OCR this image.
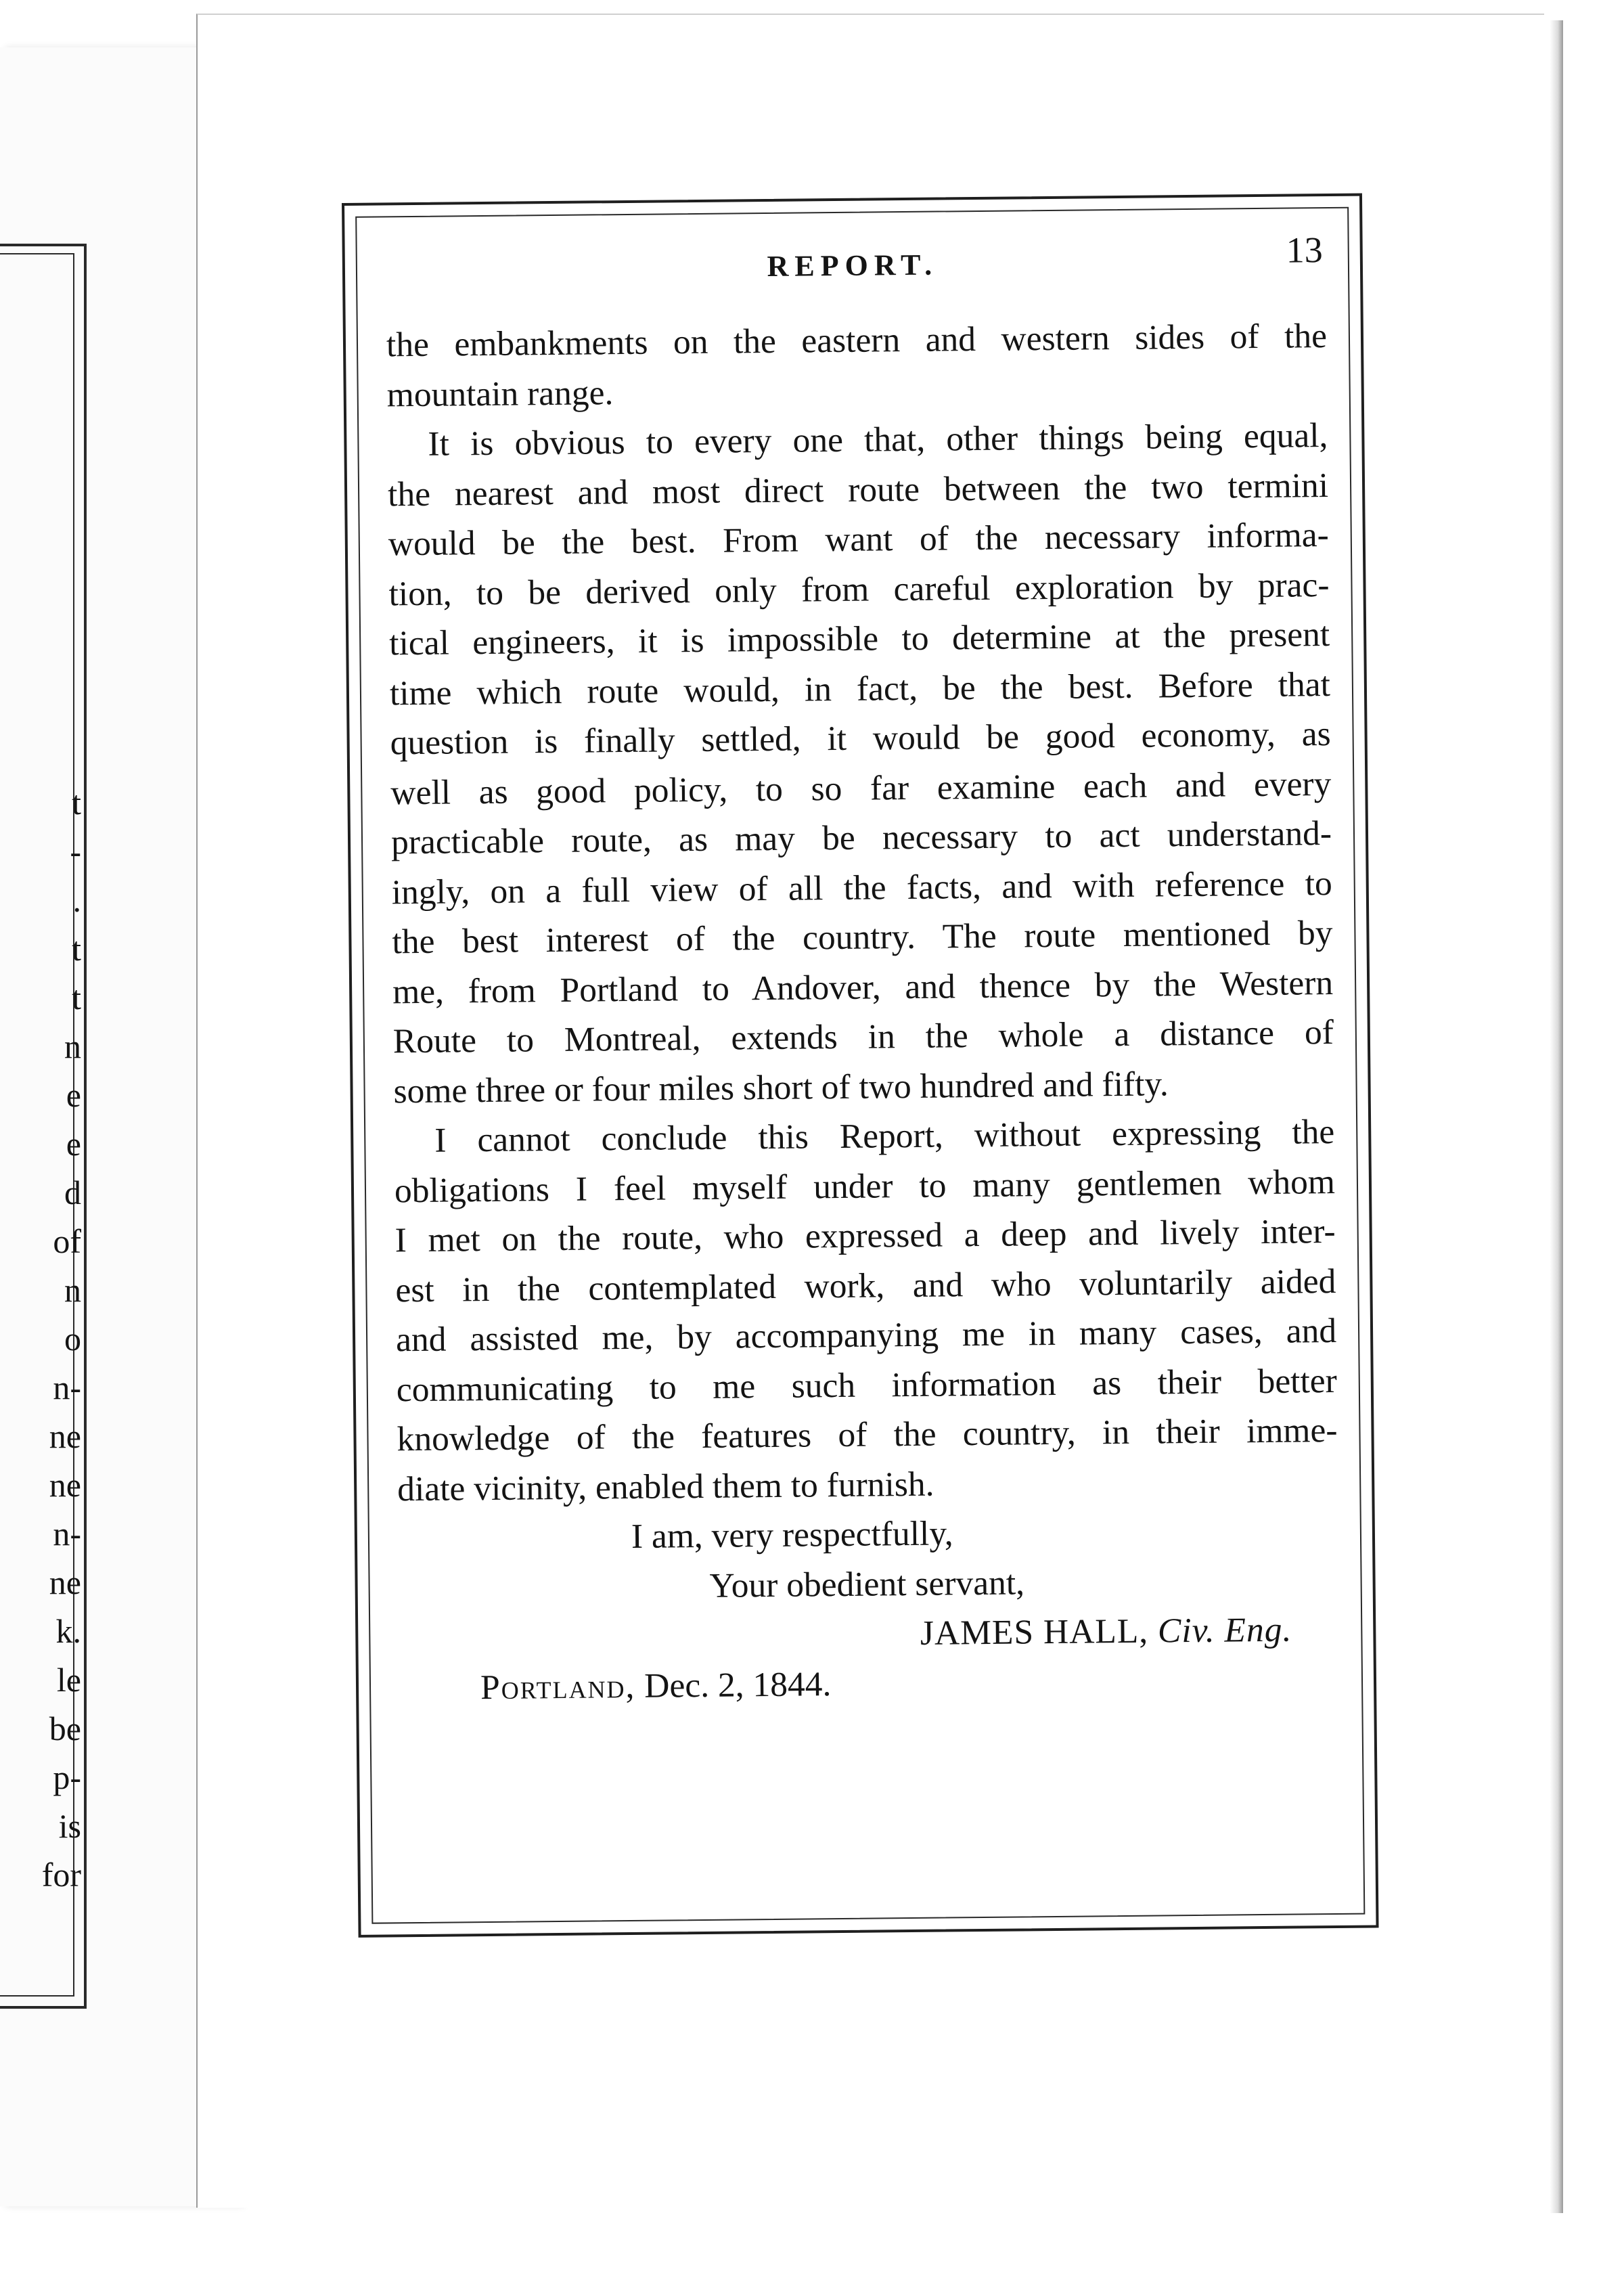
t
-
.
t
t
n
e
e
d
of
n
o
n-
ne
ne
n-
ne
k.
le
be
p-
is
for
REPORT.	13
the embankments on the eastern and western sides of the
mountain range.
It is obvious to every one that, other things being equal,
the nearest and most direct route between the two termini
would be the best. From want of the necessary informa-
tion, to be derived only from careful exploration by prac-
tical engineers, it is impossible to determine at the present
time which route would, in fact, be the best. Before that
question is finally settled, it would be good economy, as
well as good policy, to so far examine each and every
practicable route, as may be necessary to act understand-
ingly, on a full view of all the facts, and with reference to
the best interest of the country. The route mentioned by
me, from Portland to Andover, and thence by the Western
Route to Montreal, extends in the whole a distance of
some three or four miles short of two hundred and fifty.
I cannot conclude this Report, without expressing the
obligations I feel myself under to many gentlemen whom
I met on the route, who expressed a deep and lively inter-
est in the contemplated work, and who voluntarily aided
and assisted me, by accompanying me in many cases, and
communicating to me such information as their better
knowledge of the features of the country, in their imme-
diate vicinity, enabled them to furnish.
I am, very respectfully,
Your obedient servant,
JAMES HALL, Civ. Eng.
Portland, Dec. 2, 1844.
